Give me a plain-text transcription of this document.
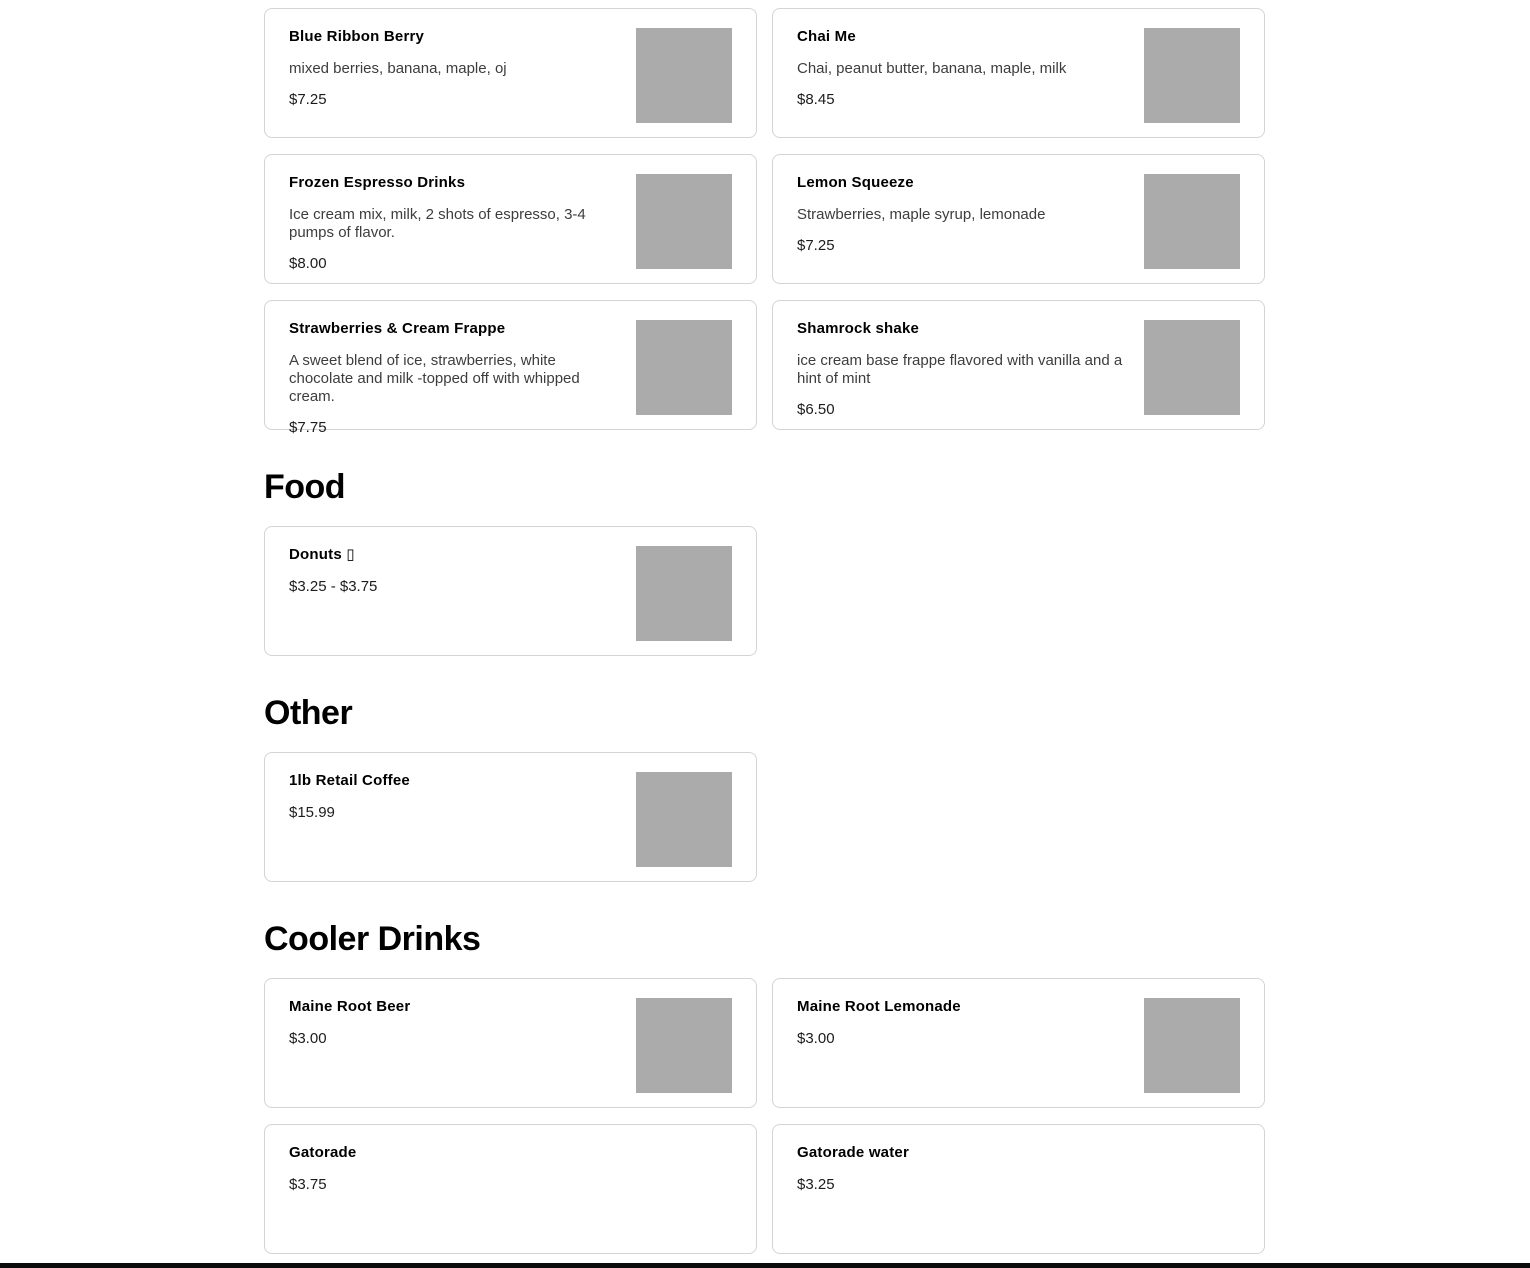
Blue Ribbon Berry
mixed berries, banana, maple, oj
$7.25
Chai Me
Chai, peanut butter, banana, maple, milk
$8.45
Frozen Espresso Drinks
Ice cream mix, milk, 2 shots of espresso, 3-4 pumps of flavor.
$8.00
Lemon Squeeze
Strawberries, maple syrup, lemonade
$7.25
Strawberries & Cream Frappe
A sweet blend of ice, strawberries, white chocolate and milk -topped off with whipped cream.
$7.75
Shamrock shake
ice cream base frappe flavored with vanilla and a hint of mint
$6.50
Food
Donuts ▯
$3.25 - $3.75
Other
1lb Retail Coffee
$15.99
Cooler Drinks
Maine Root Beer
$3.00
Maine Root Lemonade
$3.00
Gatorade
$3.75
Gatorade water
$3.25
